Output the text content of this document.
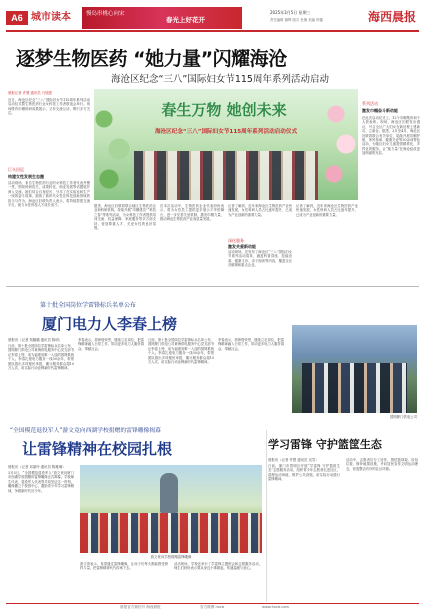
A6 城市读本	慢岛串桃心向宋
春光上好花开
2025年3月5日 星期三
责任编辑 谢辉 版式 杜铺 美编 钟鑫	海西晨报
逐梦生物医药 “她力量”闪耀海沧
海沧区纪念“三八”国际妇女节115周年系列活动启动
晨报记者 许慧 通讯员 乃瑞建
近日，海沧区纪念“三八”国际妇女节115周年系列活动启动仪式暨生物医药行业女科技工作者联谊会举行。现场既有巾帼科研成果展示，又有交流互动，吸引多方关注。
巨头回巡
构建女性发展生态圈
活动现场，来自生物医药行业的女科技工作者代表齐聚一堂，围绕科研攻关、成果转化、职业发展等话题展开深入交流。她们结合自身经历，分享了在实验室和生产一线的奋斗故事，展现了新时代女性在科技创新领域的担当与作为。海沧区妇联负责人表示，将持续搭建交流平台，助力女性科技人才成长成才。
春生万物 她创未来
海沧区纪念“三八”国际妇女节115周年系列活动启动仪式
据悉，海沧区妇联将联合辖区生物医药企业和科研机构，持续开展“巾帼建功”“科技之春”等系列活动，为女科技工作者提供培训交流、权益保障、家庭服务等多方面支持，营造尊重人才、关爱女性的良好氛围。
在本次活动中，生物医药企业代表纷纷表示，将为女性员工提供更多展示才华的舞台，进一步完善关爱机制，激发巾帼力量，推动海沧生物医药产业高质量发展。
记者了解到，近年来海沧区生物医药产业快速发展，女性科研人员占比逐年提升，已成为产业创新的重要力量。
深化服务
激发关爱新动能
活动现场，还发布了海沧区“三八”国际妇女节系列活动清单，涵盖科普讲座、技能竞赛、健康义诊、亲子阅读等内容，覆盖全区各镇街和重点企业。
记者了解到，近年来海沧区生物医药产业快速发展，女性科研人员占比逐年提升，已成为产业创新的重要力量。
系列活动
激发巾帼奋斗新动能
在此次启动仪式上，12个巾帼集体和个人获表彰。现场，海沧区妇联发出倡议，号召全区广大妇女在新征程上建新功、立新业。据悉，3月至4月，海沧区妇联将联合有关单位，陆续开展巾帼护航、家风传承、健康关爱等30余项特色活动，为辖区妇女儿童提供精准化、多样化的服务，让“她力量”在海沧绽放更加绚丽的光彩。
第十批全国岗位学雷锋标兵名单公布
厦门电力人李春上榜
晨报讯（记者 郑璐璐 通讯员 陈明）
日前，第十批全国岗位学雷锋标兵名单公布，国网厦门供电公司黄海供电服务中心党支部书记李春上榜，成为福建省唯一入选的国网系统个人。李春扎根电力服务一线30余年，带领团队推出多项便民举措，累计服务群众超10万人次，用实际行动诠释新时代雷锋精神。
李春表示，将珍惜荣誉，继续立足岗位，把雷锋精神融入日常工作，带动更多电力人服务群众、奉献社会。
日前，第十批全国岗位学雷锋标兵名单公布，国网厦门供电公司黄海供电服务中心党支部书记李春上榜，成为福建省唯一入选的国网系统个人。李春扎根电力服务一线30余年，带领团队推出多项便民举措，累计服务群众超10万人次，用实际行动诠释新时代雷锋精神。
李春表示，将珍惜荣誉，继续立足岗位，把雷锋精神融入日常工作，带动更多电力人服务群众、奉献社会。
国网厦门供电公司
“全国模范退役军人”游文竟向西湖学校捐赠的雷锋雕像揭幕
让雷锋精神在校园扎根
晨报讯（记者 邓丽玲 通讯员 陈雅琳）
3月5日，“全国模范退役军人”游文竟向厦门市西湖学校捐赠的雷锋雕像正式揭幕。学校师生代表、退役军人代表等共同见证这一时刻。雕像矗立于校园中心，激励青少年学习雷锋精神，争做新时代好少年。
游文竟向学校捐赠雷锋雕像
游文竟表示，希望通过雷锋雕像，让孩子们每天都能感受榜样力量，把雷锋精神代代传承下去。
活动现场，学校还举行了学雷锋主题班会和志愿服务活动，师生们纷纷表示要从身边小事做起，传递温暖与爱心。
学习雷锋 守护篮筐生态
晨报讯（记者 许慧 通讯员 吴雪）
日前，厦门市思明区开展“学雷锋 守护篮筐生态”志愿服务活动，组织青少年志愿者走进社区，清理运动场地、维护公共设施，用实际行动践行雷锋精神。
活动中，志愿者们分工协作，擦拭篮球架、捡拾垃圾、修补破损设施，并向居民宣传文明运动理念，营造整洁有序的社区环境。
晨报官方微信号 海西晨报	官方微博 hxcb	www.hxcb.com
